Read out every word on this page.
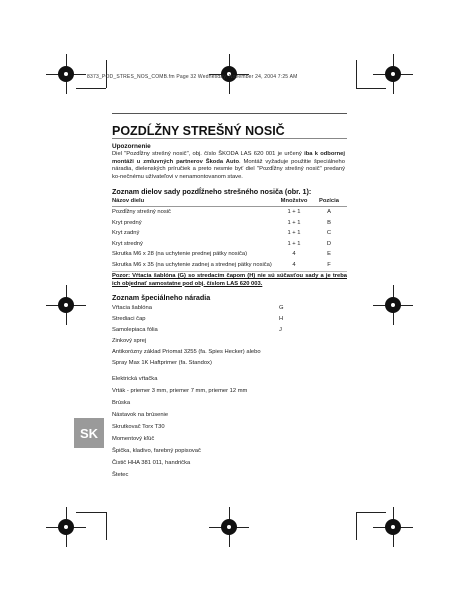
8373_POD_STRES_NOS_COMB.fm Page 32 Wednesday, November 24, 2004 7:25 AM
POZDĹŽNY STREŠNÝ NOSIČ
Upozornenie
Diel "Pozdĺžny strešný nosič", obj. číslo ŠKODA LAS 620 001 je určený iba k odbornej montáži u zmluvných partnerov Škoda Auto. Montáž vyžaduje použitie špeciálneho náradia, dielenských príručiek a preto nesmie byť diel "Pozdĺžny strešný nosič" predaný ko-nečnému užívateľovi v nenamontovanom stave.
Zoznam dielov sady pozdĺžneho strešného nosiča (obr. 1):
Názov dielu	Množstvo	Pozícia
Pozdĺžny strešný nosič	1 + 1	A
Kryt predný	1 + 1	B
Kryt zadný	1 + 1	C
Kryt stredný	1 + 1	D
Skrutka M6 x 28 (na uchytenie prednej pätky nosiča)	4	E
Skrutka M6 x 35 (na uchytenie zadnej a strednej pätky nosiča)	4	F
Pozor: Vŕtacia šablóna (G) so stredacím čapom (H) nie sú súčasťou sady a je treba ich objednať samostatne pod obj. číslom LAS 620 003.
Zoznam špeciálneho náradia
Vŕtacia šablóna	G
Strediaci čap	H
Samolepiaca fólia	J
Zinkový sprej
Antikorózny základ Priomat 3255 (fa. Spies Hecker) alebo
Spray Max 1K Haftprimer (fa. Standox)
Elektrická vŕtačka
Vrták - priemer 3 mm, priemer 7 mm, priemer 12 mm
Brúska
Nástavok na brúsenie
Skrutkovač Torx T30
Momentový kľúč
Špička, kladivo, farebný popisovač
Čistič HHA 381 011, handrička
Štetec
SK
